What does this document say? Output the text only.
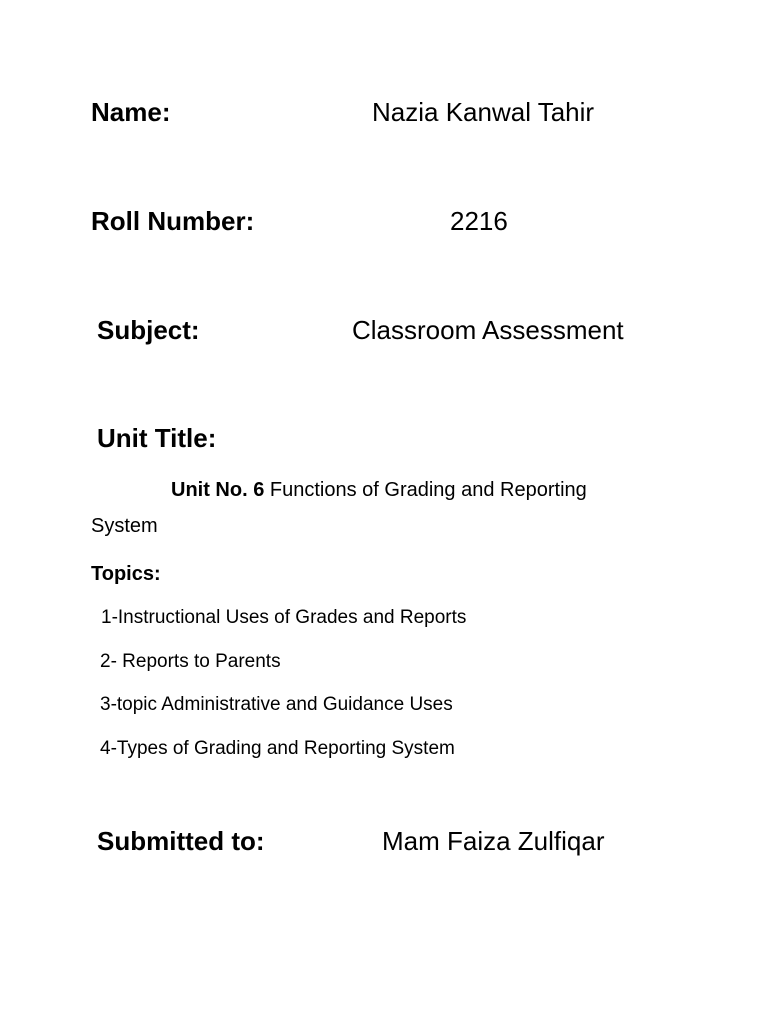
Name:	Nazia Kanwal Tahir
Roll Number:	2216
Subject:	Classroom Assessment
Unit Title:
Unit No. 6 Functions of Grading and Reporting
System
Topics:
1-Instructional Uses of Grades and Reports
2- Reports to Parents
3-topic Administrative and Guidance Uses
4-Types of Grading and Reporting System
Submitted to:	Mam Faiza Zulfiqar
